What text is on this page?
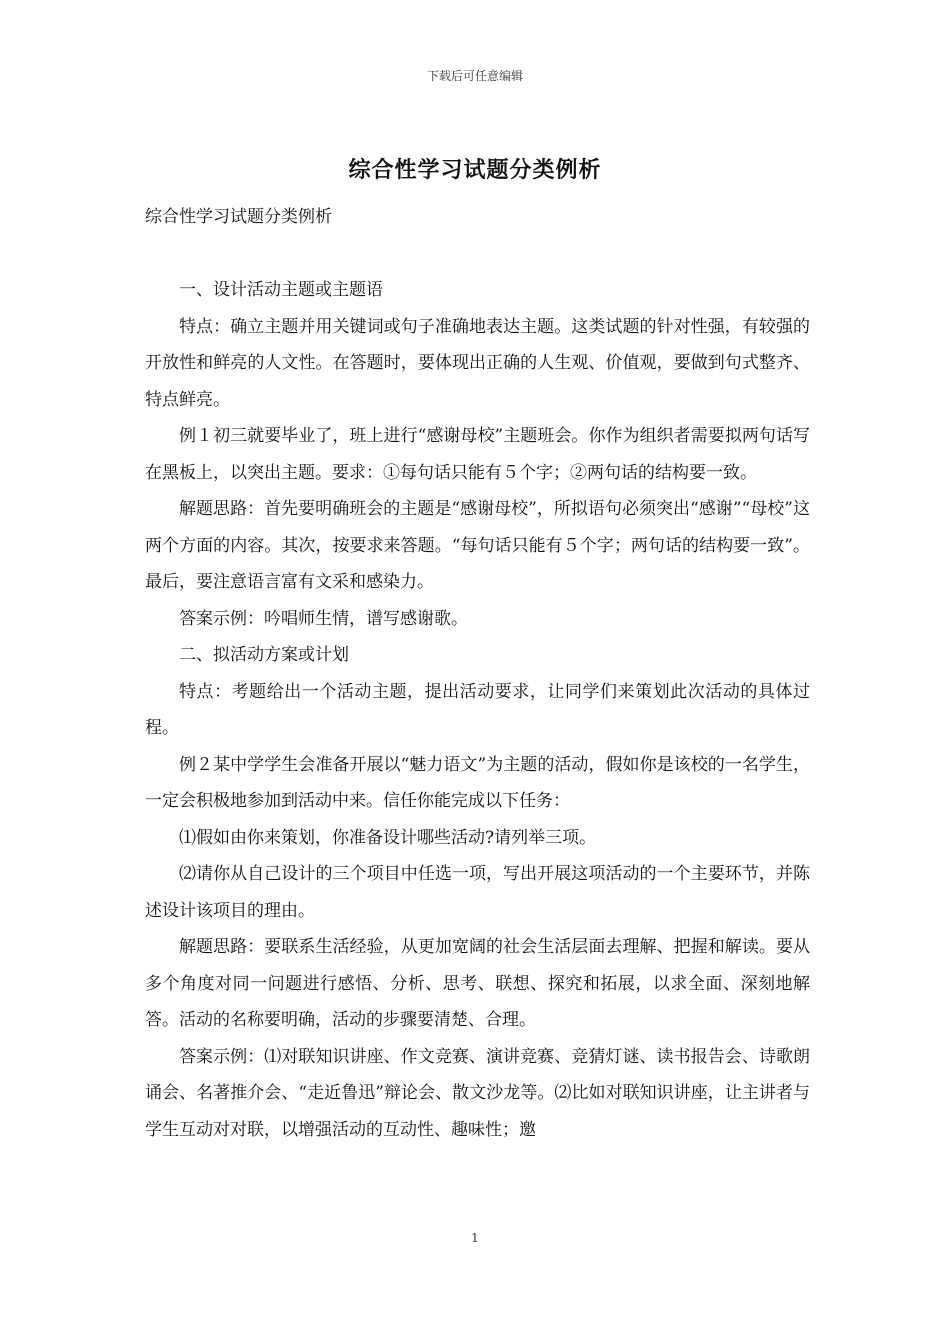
下载后可任意编辑
综合性学习试题分类例析
综合性学习试题分类例析

一、设计活动主题或主题语

特点：确立主题并用关键词或句子准确地表达主题。这类试题的针对性强，有较强的开放性和鲜亮的人文性。在答题时，要体现出正确的人生观、价值观，要做到句式整齐、特点鲜亮。

例１初三就要毕业了，班上进行“感谢母校”主题班会。你作为组织者需要拟两句话写在黑板上，以突出主题。要求：①每句话只能有５个字；②两句话的结构要一致。

解题思路：首先要明确班会的主题是“感谢母校”，所拟语句必须突出“感谢”“母校”这两个方面的内容。其次，按要求来答题。“每句话只能有５个字；两句话的结构要一致”。最后，要注意语言富有文采和感染力。

答案示例：吟唱师生情，谱写感谢歌。

二、拟活动方案或计划

特点：考题给出一个活动主题，提出活动要求，让同学们来策划此次活动的具体过程。

例２某中学学生会准备开展以“魅力语文”为主题的活动，假如你是该校的一名学生，一定会积极地参加到活动中来。信任你能完成以下任务：

⑴假如由你来策划，你准备设计哪些活动?请列举三项。

⑵请你从自己设计的三个项目中任选一项，写出开展这项活动的一个主要环节，并陈述设计该项目的理由。

解题思路：要联系生活经验，从更加宽阔的社会生活层面去理解、把握和解读。要从多个角度对同一问题进行感悟、分析、思考、联想、探究和拓展，以求全面、深刻地解答。活动的名称要明确，活动的步骤要清楚、合理。

答案示例：⑴对联知识讲座、作文竞赛、演讲竞赛、竞猜灯谜、读书报告会、诗歌朗诵会、名著推介会、“走近鲁迅”辩论会、散文沙龙等。⑵比如对联知识讲座，让主讲者与学生互动对对联，以增强活动的互动性、趣味性；邀

1
